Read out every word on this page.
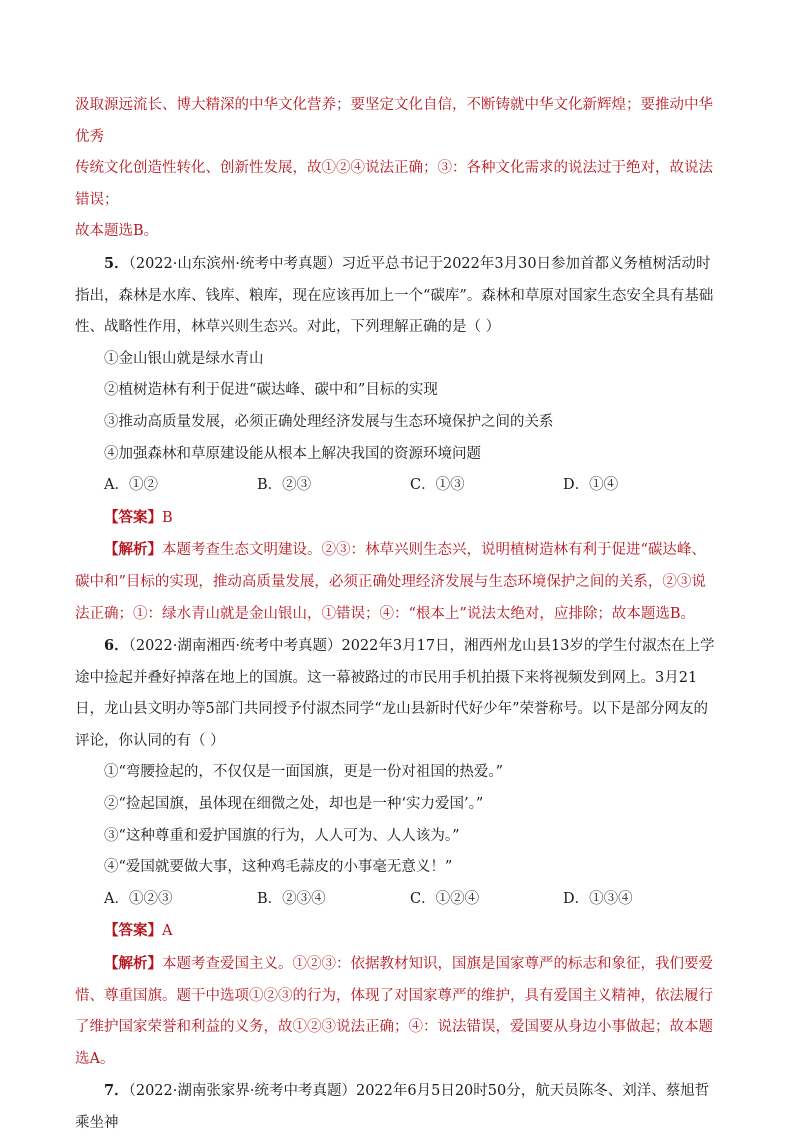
汲取源远流长、博大精深的中华文化营养；要坚定文化自信，不断铸就中华文化新辉煌；要推动中华优秀

传统文化创造性转化、创新性发展，故①②④说法正确；③：各种文化需求的说法过于绝对，故说法错误；

故本题选B。

5．（2022·山东滨州·统考中考真题）习近平总书记于2022年3月30日参加首都义务植树活动时指出，森林是水库、钱库、粮库，现在应该再加上一个“碳库”。森林和草原对国家生态安全具有基础性、战略性作用，林草兴则生态兴。对此，下列理解正确的是（ ）

①金山银山就是绿水青山

②植树造林有利于促进“碳达峰、碳中和”目标的实现

③推动高质量发展，必须正确处理经济发展与生态环境保护之间的关系

④加强森林和草原建设能从根本上解决我国的资源环境问题

A．①②	B．②③	C．①③	D．①④

【答案】B

【解析】本题考查生态文明建设。②③：林草兴则生态兴，说明植树造林有利于促进“碳达峰、碳中和”目标的实现，推动高质量发展，必须正确处理经济发展与生态环境保护之间的关系，②③说法正确；①：绿水青山就是金山银山，①错误；④：“根本上”说法太绝对，应排除；故本题选B。

6．（2022·湖南湘西·统考中考真题）2022年3月17日，湘西州龙山县13岁的学生付淑杰在上学途中捡起并叠好掉落在地上的国旗。这一幕被路过的市民用手机拍摄下来将视频发到网上。3月21日，龙山县文明办等5部门共同授予付淑杰同学“龙山县新时代好少年”荣誉称号。以下是部分网友的评论，你认同的有（ ）

①“弯腰捡起的，不仅仅是一面国旗，更是一份对祖国的热爱。”

②“捡起国旗，虽体现在细微之处，却也是一种‘实力爱国’。”

③“这种尊重和爱护国旗的行为，人人可为、人人该为。”

④“爱国就要做大事，这种鸡毛蒜皮的小事毫无意义！”

A．①②③	B．②③④	C．①②④	D．①③④

【答案】A

【解析】本题考查爱国主义。①②③：依据教材知识，国旗是国家尊严的标志和象征，我们要爱惜、尊重国旗。题干中选项①②③的行为，体现了对国家尊严的维护，具有爱国主义精神，依法履行了维护国家荣誉和利益的义务，故①②③说法正确；④：说法错误，爱国要从身边小事做起；故本题选A。

7．（2022·湖南张家界·统考中考真题）2022年6月5日20时50分，航天员陈冬、刘洋、蔡旭哲乘坐神
